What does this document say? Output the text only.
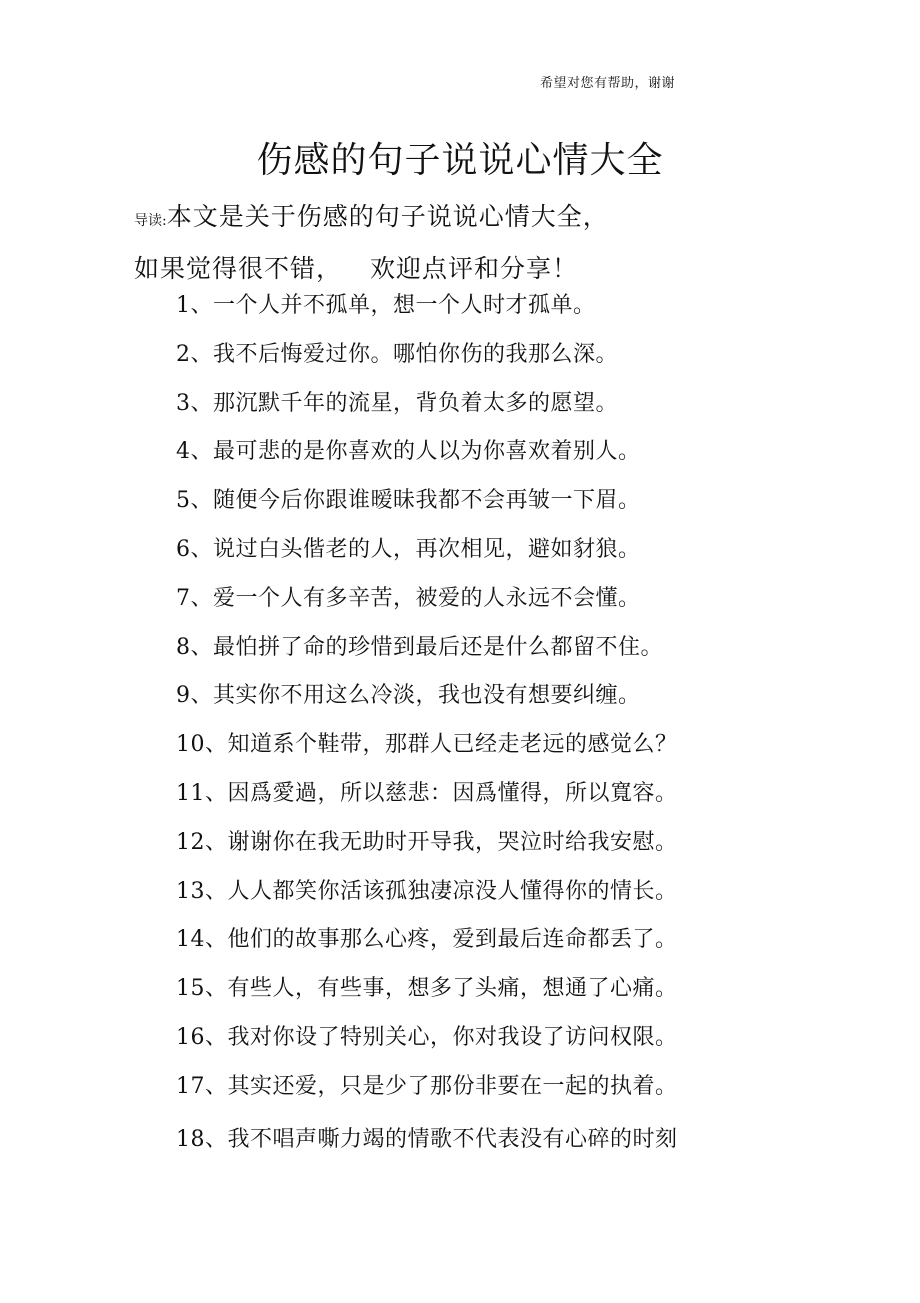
希望对您有帮助，谢谢
伤感的句子说说心情大全
导读:本文是关于伤感的句子说说心情大全，
如果觉得很不错， 欢迎点评和分享！
1、一个人并不孤单，想一个人时才孤单。
2、我不后悔爱过你。哪怕你伤的我那么深。
3、那沉默千年的流星，背负着太多的愿望。
4、最可悲的是你喜欢的人以为你喜欢着别人。
5、随便今后你跟谁暧昧我都不会再皱一下眉。
6、说过白头偕老的人，再次相见，避如豺狼。
7、爱一个人有多辛苦，被爱的人永远不会懂。
8、最怕拼了命的珍惜到最后还是什么都留不住。
9、其实你不用这么冷淡，我也没有想要纠缠。
10、知道系个鞋带，那群人已经走老远的感觉么？
11、因爲愛過，所以慈悲：因爲懂得，所以寬容。
12、谢谢你在我无助时开导我，哭泣时给我安慰。
13、人人都笑你活该孤独凄凉没人懂得你的情长。
14、他们的故事那么心疼，爱到最后连命都丢了。
15、有些人，有些事，想多了头痛，想通了心痛。
16、我对你设了特别关心，你对我设了访问权限。
17、其实还爱，只是少了那份非要在一起的执着。
18、我不唱声嘶力竭的情歌不代表没有心碎的时刻
